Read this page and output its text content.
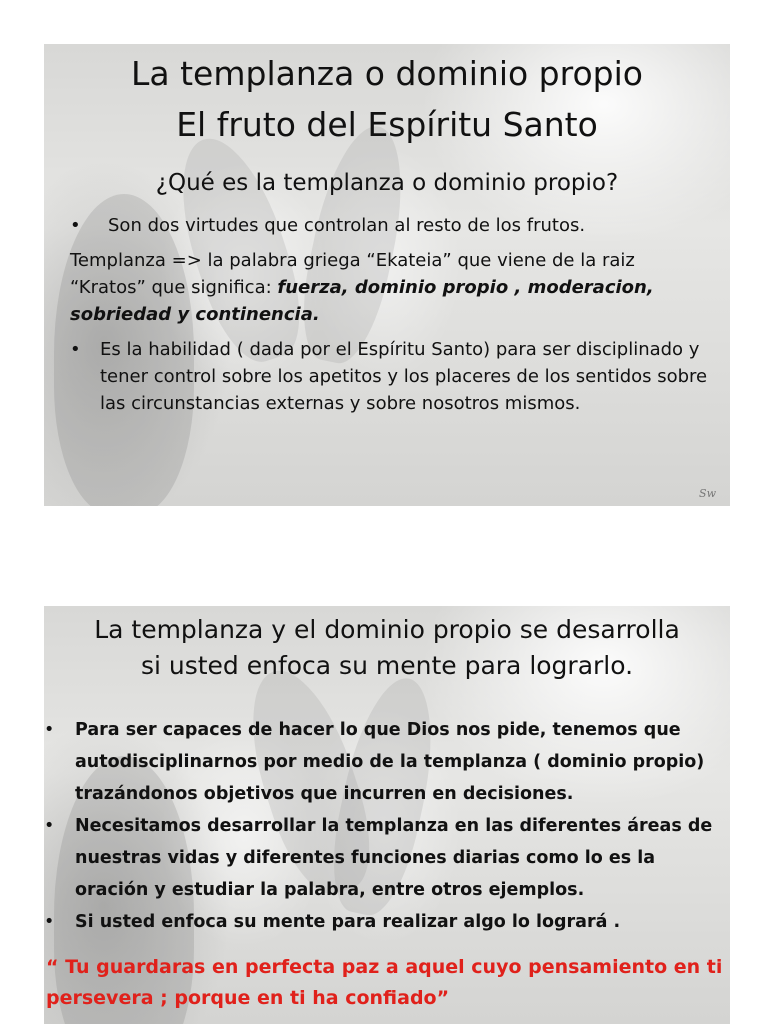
La templanza o dominio propio
El fruto del Espíritu Santo
¿Qué es la templanza o dominio propio?
•	Son dos virtudes que controlan al resto de los frutos.
Templanza => la palabra griega “Ekateia” que viene de la raiz “Kratos” que significa: fuerza, dominio propio , moderacion, sobriedad y continencia.
•	Es la habilidad ( dada por el Espíritu Santo) para ser disciplinado y tener control sobre los apetitos y los placeres de los sentidos sobre las circunstancias externas y sobre nosotros mismos.
Sw
La templanza y el dominio propio se desarrolla
si usted enfoca su mente para lograrlo.
• Para ser capaces de hacer lo que Dios nos pide, tenemos que autodisciplinarnos por medio de la templanza ( dominio propio) trazándonos objetivos que incurren en decisiones.
• Necesitamos desarrollar la templanza en las diferentes áreas de nuestras vidas y diferentes funciones diarias como lo es la oración y estudiar la palabra, entre otros ejemplos.
• Si usted enfoca su mente para realizar algo lo logrará .
“ Tu guardaras en perfecta paz a aquel cuyo pensamiento en ti persevera ; porque en ti ha confiado”
